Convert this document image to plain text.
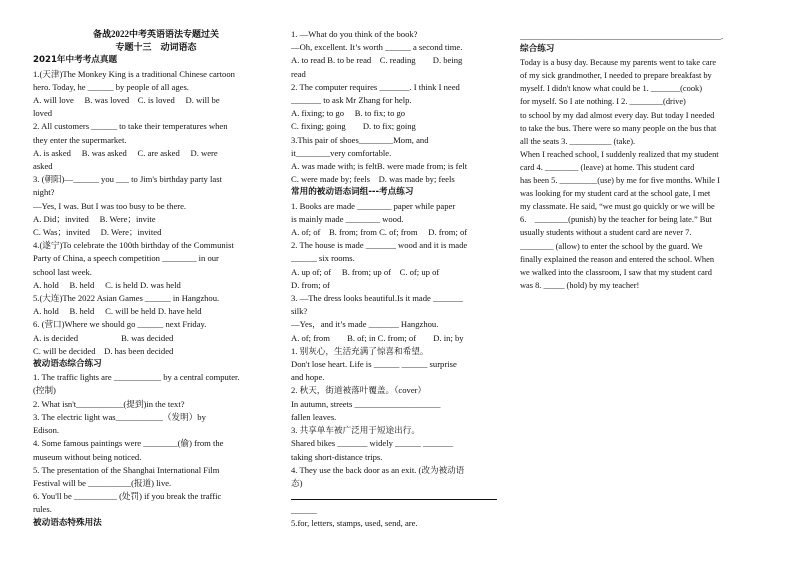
备战2022中考英语语法专题过关
专题十三　动词语态
2021年中考考点真题
1.(天津)The Monkey King is a traditional Chinese cartoon
hero. Today, he ______ by people of all ages.
A. will love　 B. was loved　C. is loved　 D. will be
loved
2. All customers ______ to take their temperatures when
they enter the supermarket.
A. is asked　 B. was asked　 C. are asked　 D. were
asked
3. (朝阳)—______ you ___ to Jim's birthday party last
night?
—Yes, I was. But I was too busy to be there.
A. Did；invited　 B. Were；invite
C. Was；invited　 D. Were；invited
4.(遂宁)To celebrate the 100th birthday of the Communist
Party of China, a speech competition ________ in our
school last week.
A. hold　 B. held　 C. is held D. was held
5.(大连)The 2022 Asian Games ______ in Hangzhou.
A. hold　 B. held　 C. will be held D. have held
6. (营口)Where we should go ______ next Friday.
A. is decided　　　　　B. was decided
C. will be decided　D. has been decided
被动语态综合练习
1. The traffic lights are ___________ by a central computer.
(控制)
2. What isn't___________(提到)in the text?
3. The electric light was___________（发明）by
Edison.
4. Some famous paintings were ________(偷) from the
museum without being noticed.
5. The presentation of the Shanghai International Film
Festival will be __________(报道) live.
6. You'll be __________ (处罚) if you break the traffic
rules.
被动语态特殊用法
1. —What do you think of the book?
—Oh, excellent. It’s worth ______ a second time.
A. to read B. to be read　C. reading　　D. being
read
2. The computer requires _______. I think I need
_______ to ask Mr Zhang for help.
A. fixing; to go　 B. to fix; to go
C. fixing; going　　D. to fix; going
3.This pair of shoes________Mom, and
it________very comfortable.
A. was made with; is feltB. were made from; is felt
C. were made by; feels　D. was made by; feels
常用的被动语态词组---考点练习
1. Books are made ________ paper while paper
is mainly made ________ wood.
A. of; of　B. from; from C. of; from　 D. from; of
2. The house is made _______ wood and it is made
______ six rooms.
A. up of; of　 B. from; up of　C. of; up of
D. from; of
3. —The dress looks beautiful.Is it made _______
silk?
—Yes，and it’s made _______ Hangzhou.
A. of; from　　B. of; in C. from; of　　D. in; by
1. 别灰心，生活充满了惊喜和希望。
Don't lose heart. Life is ______ ______ surprise
and hope.
2. 秋天，街道被落叶覆盖。（cover）
In autumn, streets ____________________
fallen leaves.
3. 共享单车被广泛用于短途出行。
Shared bikes _______ widely ______ _______
taking short-distance trips.
4. They use the back door as an exit. (改为被动语
态)
______
5.for, letters, stamps, used, send, are.
________________________________________________.
综合练习
Today is a busy day. Because my parents went to take care
of my sick grandmother, I needed to prepare breakfast by
myself. I didn't know what could be 1. _______(cook)
for myself. So I ate nothing. I 2. ________(drive)
to school by my dad almost every day. But today I needed
to take the bus. There were so many people on the bus that
all the seats 3. __________ (take).
When I reached school, I suddenly realized that my student
card 4. ________ (leave) at home. This student card
has been 5. _________(use) by me for five months. While I
was looking for my student card at the school gate, I met
my classmate. He said, “we must go quickly or we will be
6.　________(punish) by the teacher for being late.” But
usually students without a student card are never 7.
________ (allow) to enter the school by the guard. We
finally explained the reason and entered the school. When
we walked into the classroom, I saw that my student card
was 8. _____ (hold) by my teacher!
